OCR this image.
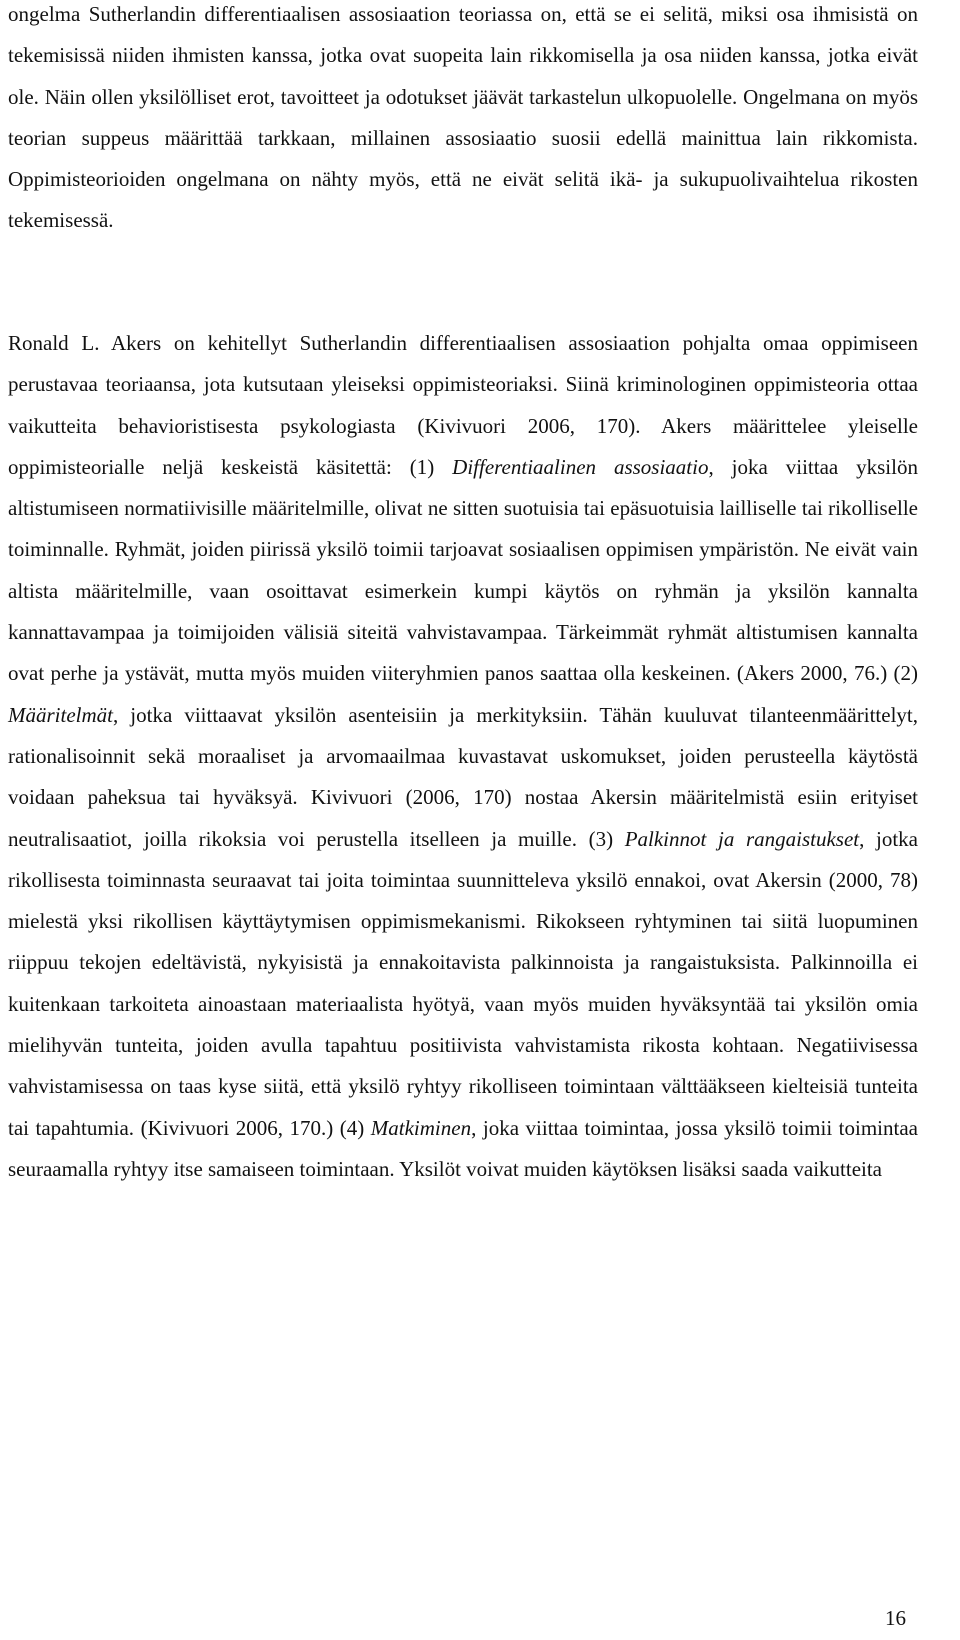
ongelma Sutherlandin differentiaalisen assosiaation teoriassa on, että se ei selitä, miksi osa ihmisistä on tekemisissä niiden ihmisten kanssa, jotka ovat suopeita lain rikkomisella ja osa niiden kanssa, jotka eivät ole. Näin ollen yksilölliset erot, tavoitteet ja odotukset jäävät tarkastelun ulkopuolelle. Ongelmana on myös teorian suppeus määrittää tarkkaan, millainen assosiaatio suosii edellä mainittua lain rikkomista. Oppimisteorioiden ongelmana on nähty myös, että ne eivät selitä ikä- ja sukupuolivaihtelua rikosten tekemisessä.

Ronald L. Akers on kehitellyt Sutherlandin differentiaalisen assosiaation pohjalta omaa oppimiseen perustavaa teoriaansa, jota kutsutaan yleiseksi oppimisteoriaksi. Siinä kriminologinen oppimisteoria ottaa vaikutteita behavioristisesta psykologiasta (Kivivuori 2006, 170). Akers määrittelee yleiselle oppimisteorialle neljä keskeistä käsitettä: (1) Differentiaalinen assosiaatio, joka viittaa yksilön altistumiseen normatiivisille määritelmille, olivat ne sitten suotuisia tai epäsuotuisia lailliselle tai rikolliselle toiminnalle. Ryhmät, joiden piirissä yksilö toimii tarjoavat sosiaalisen oppimisen ympäristön. Ne eivät vain altista määritelmille, vaan osoittavat esimerkein kumpi käytös on ryhmän ja yksilön kannalta kannattavampaa ja toimijoiden välisiä siteitä vahvistavampaa. Tärkeimmät ryhmät altistumisen kannalta ovat perhe ja ystävät, mutta myös muiden viiteryhmien panos saattaa olla keskeinen. (Akers 2000, 76.) (2) Määritelmät, jotka viittaavat yksilön asenteisiin ja merkityksiin. Tähän kuuluvat tilanteenmäärittelyt, rationalisoinnit sekä moraaliset ja arvomaailmaa kuvastavat uskomukset, joiden perusteella käytöstä voidaan paheksua tai hyväksyä. Kivivuori (2006, 170) nostaa Akersin määritelmistä esiin erityiset neutralisaatiot, joilla rikoksia voi perustella itselleen ja muille. (3) Palkinnot ja rangaistukset, jotka rikollisesta toiminnasta seuraavat tai joita toimintaa suunnitteleva yksilö ennakoi, ovat Akersin (2000, 78) mielestä yksi rikollisen käyttäytymisen oppimismekanismi. Rikokseen ryhtyminen tai siitä luopuminen riippuu tekojen edeltävistä, nykyisistä ja ennakoitavista palkinnoista ja rangaistuksista. Palkinnoilla ei kuitenkaan tarkoiteta ainoastaan materiaalista hyötyä, vaan myös muiden hyväksyntää tai yksilön omia mielihyvän tunteita, joiden avulla tapahtuu positiivista vahvistamista rikosta kohtaan. Negatiivisessa vahvistamisessa on taas kyse siitä, että yksilö ryhtyy rikolliseen toimintaan välttääkseen kielteisiä tunteita tai tapahtumia. (Kivivuori 2006, 170.) (4) Matkiminen, joka viittaa toimintaa, jossa yksilö toimii toimintaa seuraamalla ryhtyy itse samaiseen toimintaan. Yksilöt voivat muiden käytöksen lisäksi saada vaikutteita

16
